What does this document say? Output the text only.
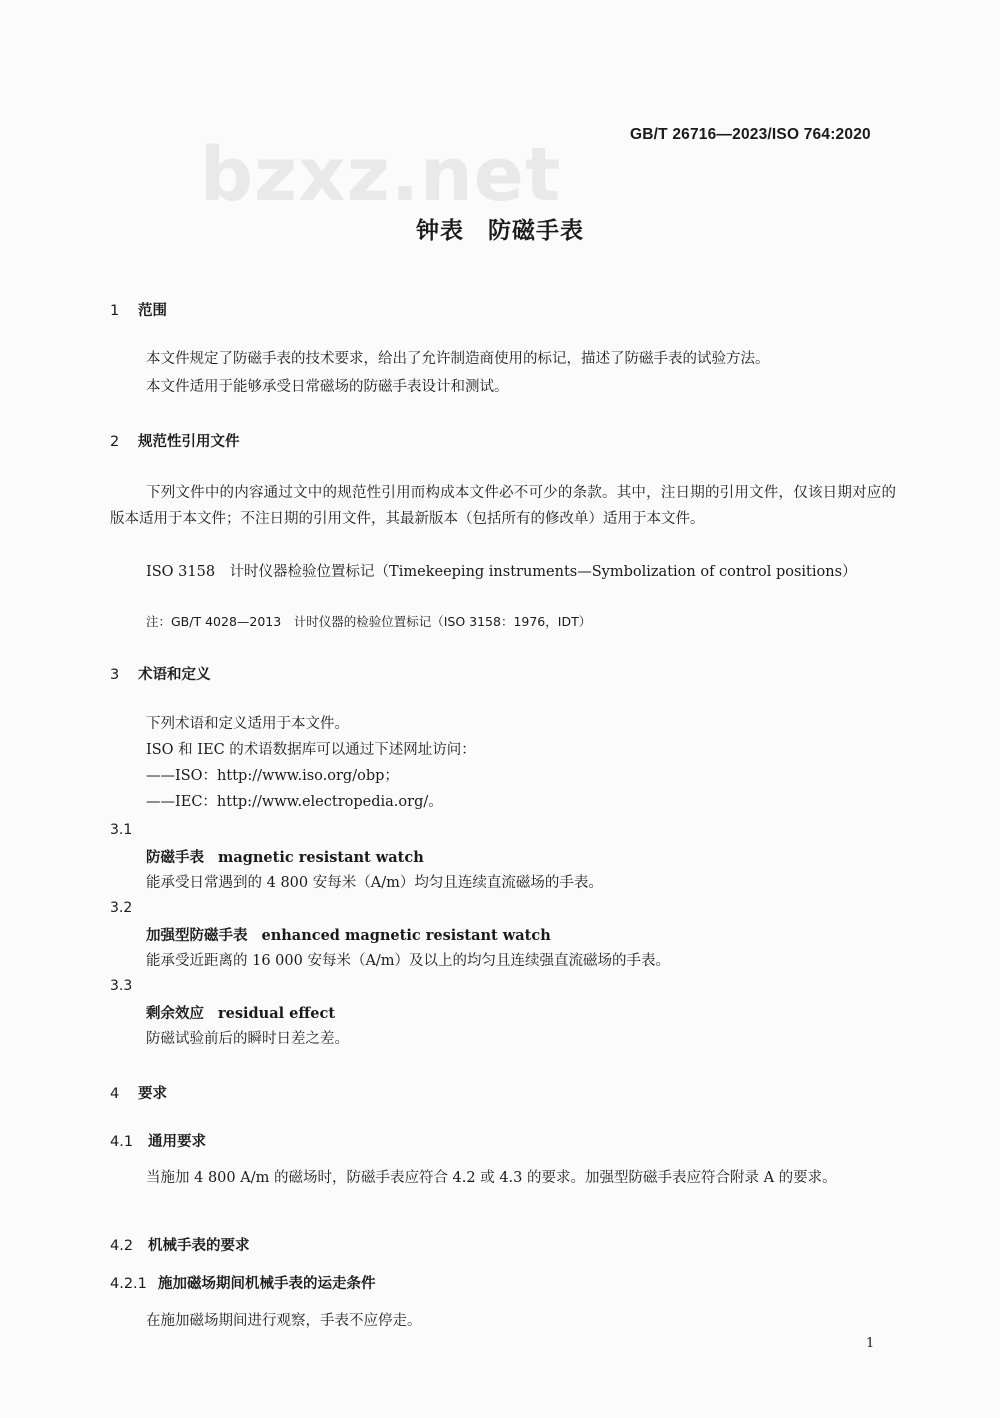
bzxz.net	GB/T 26716—2023/ISO 764:2020
钟表　防磁手表
1 范围
本文件规定了防磁手表的技术要求，给出了允许制造商使用的标记，描述了防磁手表的试验方法。
本文件适用于能够承受日常磁场的防磁手表设计和测试。
2 规范性引用文件
下列文件中的内容通过文中的规范性引用而构成本文件必不可少的条款。其中，注日期的引用文件，仅该日期对应的版本适用于本文件；不注日期的引用文件，其最新版本（包括所有的修改单）适用于本文件。
ISO 3158　计时仪器检验位置标记（Timekeeping instruments—Symbolization of control positions）
注：GB/T 4028—2013　计时仪器的检验位置标记（ISO 3158：1976，IDT）
3 术语和定义
下列术语和定义适用于本文件。
ISO 和 IEC 的术语数据库可以通过下述网址访问：
——ISO：http://www.iso.org/obp；
——IEC：http://www.electropedia.org/。
3.1
防磁手表 magnetic resistant watch
能承受日常遇到的 4 800 安每米（A/m）均匀且连续直流磁场的手表。
3.2
加强型防磁手表 enhanced magnetic resistant watch
能承受近距离的 16 000 安每米（A/m）及以上的均匀且连续强直流磁场的手表。
3.3
剩余效应 residual effect
防磁试验前后的瞬时日差之差。
4 要求
4.1 通用要求
当施加 4 800 A/m 的磁场时，防磁手表应符合 4.2 或 4.3 的要求。加强型防磁手表应符合附录 A 的要求。
4.2 机械手表的要求
4.2.1 施加磁场期间机械手表的运走条件
在施加磁场期间进行观察，手表不应停走。
1
